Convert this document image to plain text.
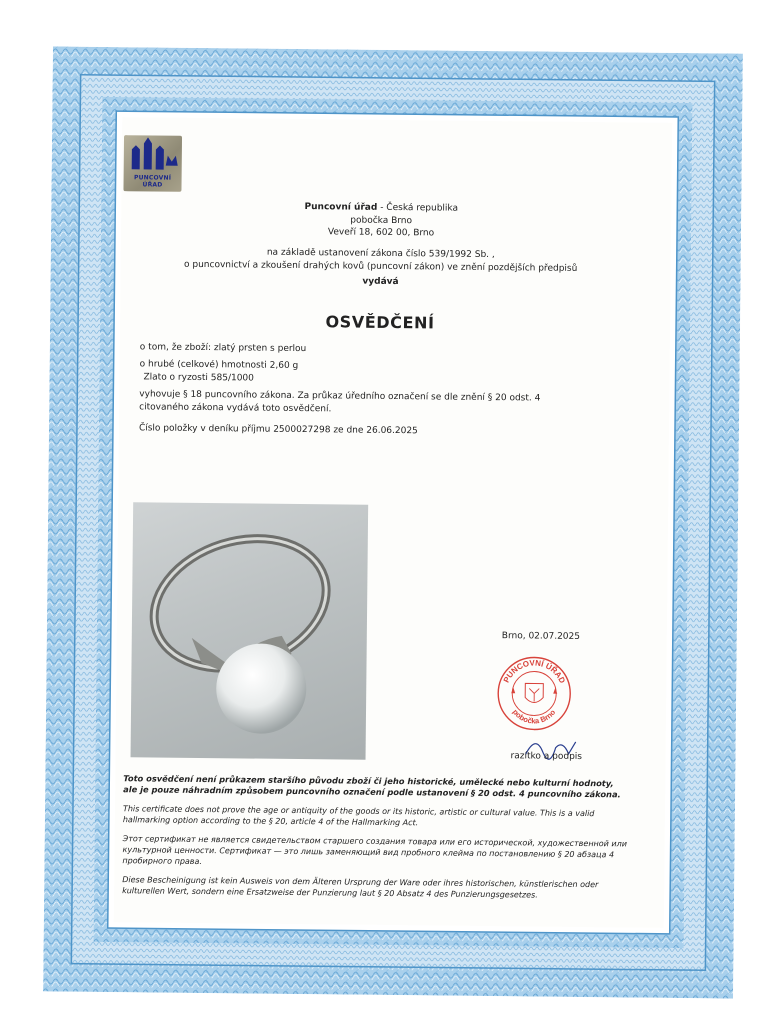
PUNCOVNÍ ÚŘAD
Puncovní úřad - Česká republika
pobočka Brno
Veveří 18, 602 00, Brno
na základě ustanovení zákona číslo 539/1992 Sb. ,
o puncovnictví a zkoušení drahých kovů (puncovní zákon) ve znění pozdějších předpisů
vydává
OSVĚDČENÍ
o tom, že zboží: zlatý prsten s perlou
o hrubé (celkové) hmotnosti 2,60 g
Zlato o ryzosti 585/1000
vyhovuje § 18 puncovního zákona. Za průkaz úředního označení se dle znění § 20 odst. 4 citovaného zákona vydává toto osvědčení.
Číslo položky v deníku příjmu 2500027298 ze dne 26.06.2025
Brno, 02.07.2025
PUNCOVNÍ ÚŘAD
pobočka Brno
razítko a podpis
Toto osvědčení není průkazem staršího původu zboží či jeho historické, umělecké nebo kulturní hodnoty, ale je pouze náhradním způsobem puncovního označení podle ustanovení § 20 odst. 4 puncovního zákona.
This certificate does not prove the age or antiquity of the goods or its historic, artistic or cultural value. This is a valid hallmarking option according to the § 20, article 4 of the Hallmarking Act.
Этот сертификат не является свидетельством старшего создания товара или его исторической, художественной или культурной ценности. Сертификат — это лишь заменяющий вид пробного клейма по постановлению § 20 абзаца 4 пробирного права.
Diese Bescheinigung ist kein Ausweis von dem Älteren Ursprung der Ware oder ihres historischen, künstlerischen oder kulturellen Wert, sondern eine Ersatzweise der Punzierung laut § 20 Absatz 4 des Punzierungsgesetzes.
